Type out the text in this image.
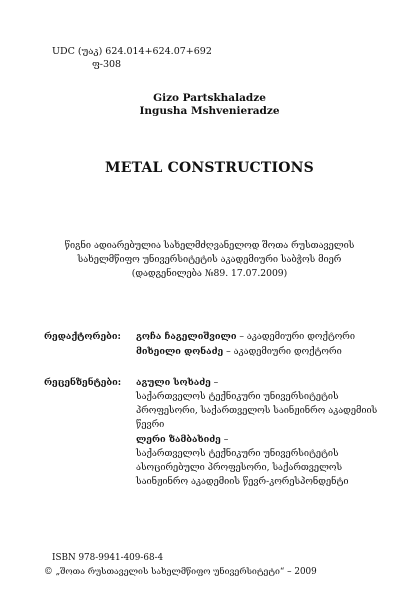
UDC (უაკ) 624.014+624.07+692
ფ-308
Gizo Partskhaladze
Ingusha Mshvenieradze
METAL CONSTRUCTIONS
წიგნი ადიარებულია სახელმძღვანელოდ შოთა რუსთაველის
სახელმწიფო უნივერსიტეტის აკადემიური საბჭოს მიერ
(დადგენილება №89. 17.07.2009)
რედაქტორები: გოჩა ჩაგელიშვილი – აკადემიური დოქტორი
მიხეილი დონაძე – აკადემიური დოქტორი
რეცენზენტები: აგული სოხაძე –
საქართველოს ტექნიკური უნივერსიტეტის
პროფესორი, საქართველოს საინჟინრო აკადემიის
წევრი
ლერი ზამბახიძე –
საქართველოს ტექნიკური უნივერსიტეტის
ასოცირებული პროფესორი, საქართველოს
საინჟინრო აკადემიის წევრ-კორესპონდენტი
ISBN 978-9941-409-68-4
© „შოთა რუსთაველის სახელმწიფო უნივერსიტეტი“ – 2009
